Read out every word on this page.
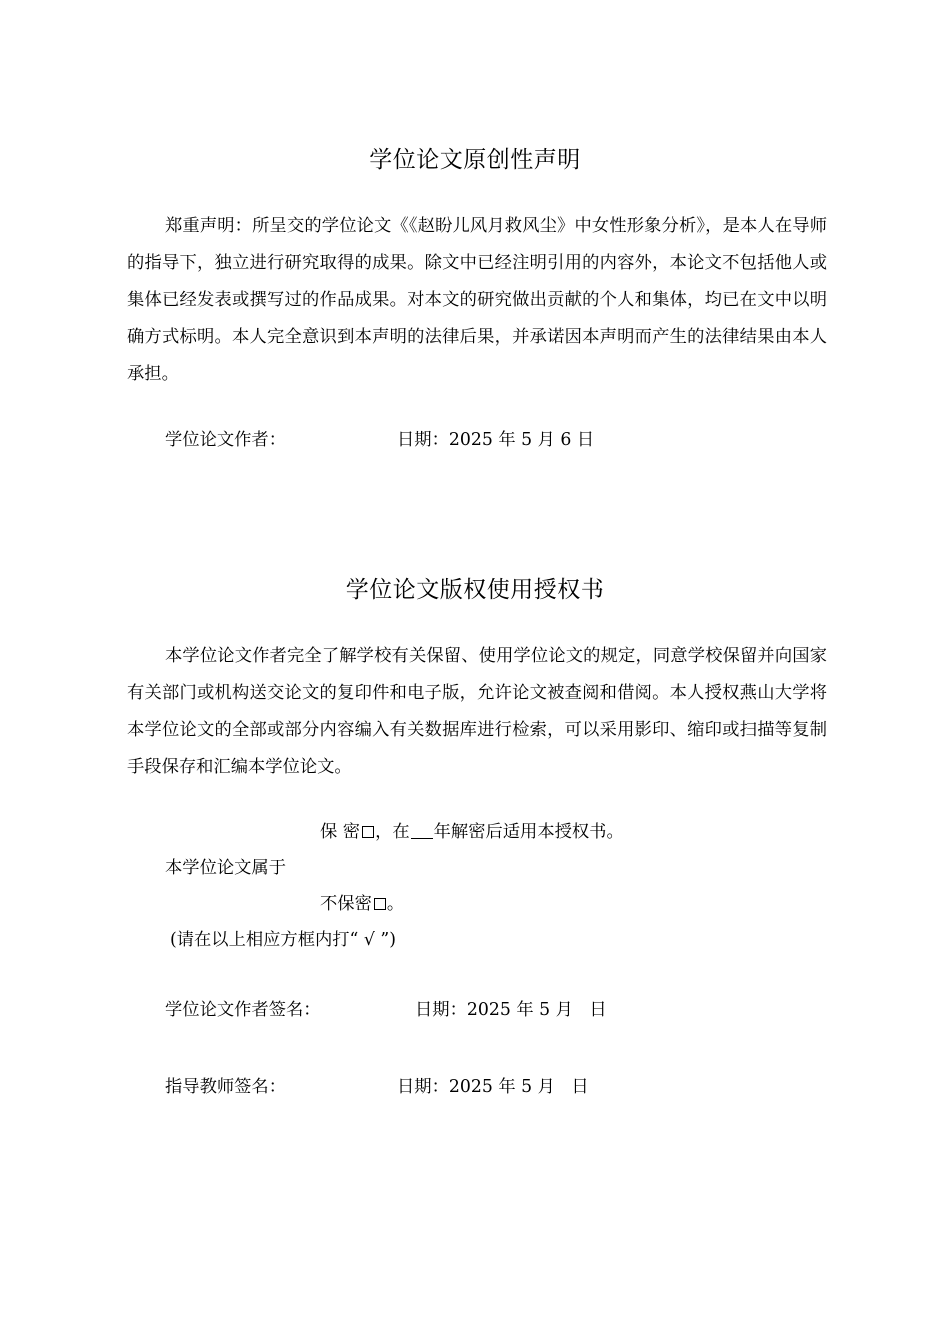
学位论文原创性声明

郑重声明：所呈交的学位论文《《赵盼儿风月救风尘》中女性形象分析》，是本人在导师的指导下，独立进行研究取得的成果。除文中已经注明引用的内容外，本论文不包括他人或集体已经发表或撰写过的作品成果。对本文的研究做出贡献的个人和集体，均已在文中以明确方式标明。本人完全意识到本声明的法律后果，并承诺因本声明而产生的法律结果由本人承担。

学位论文作者：	日期：2025 年 5 月 6 日
学位论文版权使用授权书

本学位论文作者完全了解学校有关保留、使用学位论文的规定，同意学校保留并向国家有关部门或机构送交论文的复印件和电子版，允许论文被查阅和借阅。本人授权燕山大学将本学位论文的全部或部分内容编入有关数据库进行检索，可以采用影印、缩印或扫描等复制手段保存和汇编本学位论文。

保 密 ，在 年解密后适用本授权书。
本学位论文属于
不保密 。
(请在以上相应方框内打“ √ ”)
学位论文作者签名：	日期：2025 年 5 月   日
指导教师签名：	日期：2025 年 5 月   日
